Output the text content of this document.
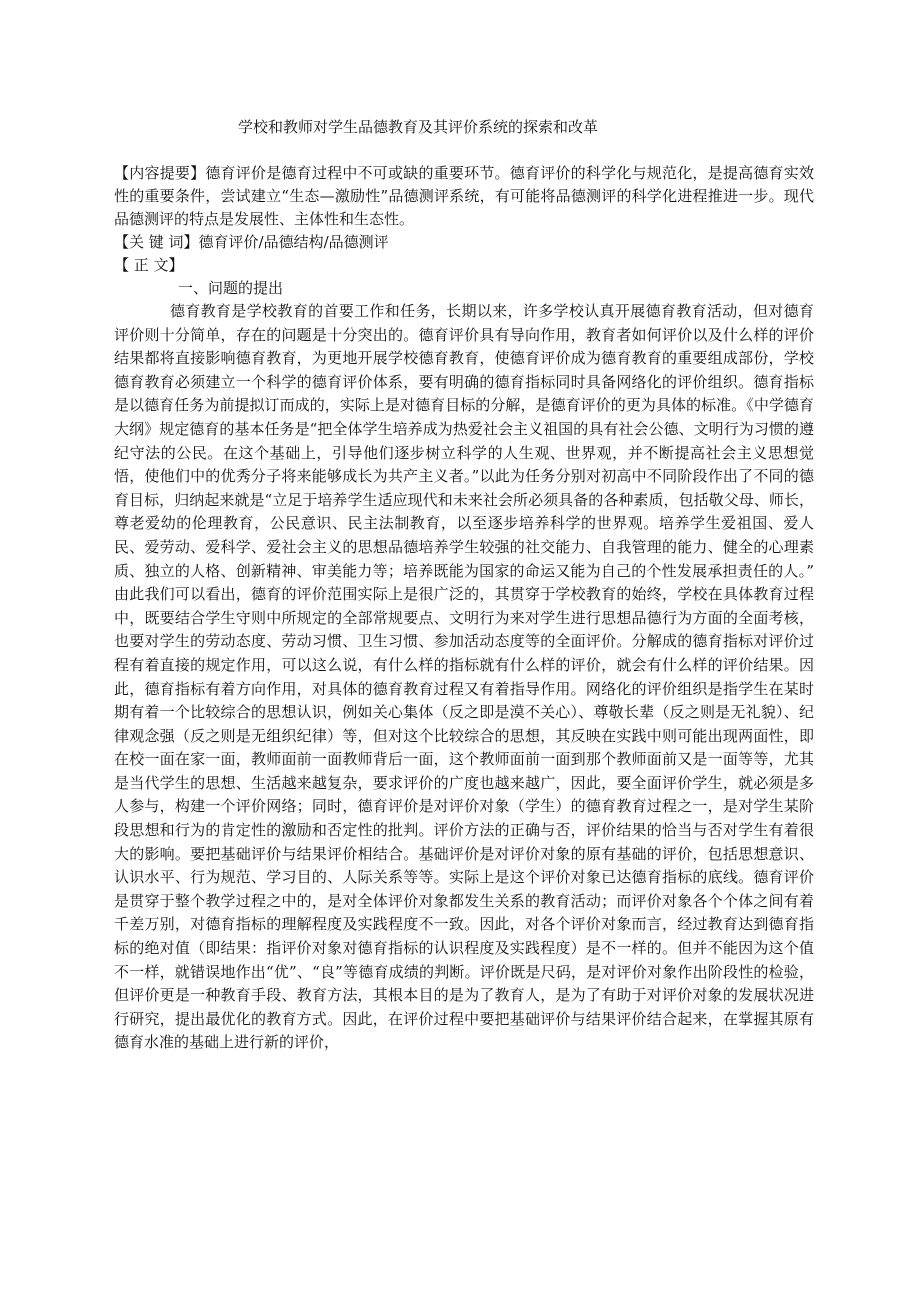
学校和教师对学生品德教育及其评价系统的探索和改革
【内容提要】德育评价是德育过程中不可或缺的重要环节。德育评价的科学化与规范化，是提高德育实效性的重要条件，尝试建立“生态—激励性”品德测评系统，有可能将品德测评的科学化进程推进一步。现代品德测评的特点是发展性、主体性和生态性。
【关 键 词】德育评价/品德结构/品德测评
【 正 文】
一、问题的提出

德育教育是学校教育的首要工作和任务，长期以来，许多学校认真开展德育教育活动，但对德育评价则十分简单，存在的问题是十分突出的。德育评价具有导向作用，教育者如何评价以及什么样的评价结果都将直接影响德育教育，为更地开展学校德育教育，使德育评价成为德育教育的重要组成部份，学校德育教育必须建立一个科学的德育评价体系，要有明确的德育指标同时具备网络化的评价组织。德育指标是以德育任务为前提拟订而成的，实际上是对德育目标的分解，是德育评价的更为具体的标准。《中学德育大纲》规定德育的基本任务是“把全体学生培养成为热爱社会主义祖国的具有社会公德、文明行为习惯的遵纪守法的公民。在这个基础上，引导他们逐步树立科学的人生观、世界观，并不断提高社会主义思想觉悟，使他们中的优秀分子将来能够成长为共产主义者。”以此为任务分别对初高中不同阶段作出了不同的德育目标，归纳起来就是“立足于培养学生适应现代和未来社会所必须具备的各种素质，包括敬父母、师长，尊老爱幼的伦理教育，公民意识、民主法制教育，以至逐步培养科学的世界观。培养学生爱祖国、爱人民、爱劳动、爱科学、爱社会主义的思想品德培养学生较强的社交能力、自我管理的能力、健全的心理素质、独立的人格、创新精神、审美能力等；培养既能为国家的命运又能为自己的个性发展承担责任的人。” 由此我们可以看出，德育的评价范围实际上是很广泛的，其贯穿于学校教育的始终，学校在具体教育过程中，既要结合学生守则中所规定的全部常规要点、文明行为来对学生进行思想品德行为方面的全面考核，也要对学生的劳动态度、劳动习惯、卫生习惯、参加活动态度等的全面评价。分解成的德育指标对评价过程有着直接的规定作用，可以这么说，有什么样的指标就有什么样的评价，就会有什么样的评价结果。因此，德育指标有着方向作用，对具体的德育教育过程又有着指导作用。网络化的评价组织是指学生在某时期有着一个比较综合的思想认识，例如关心集体（反之即是漠不关心）、尊敬长辈（反之则是无礼貌）、纪律观念强（反之则是无组织纪律）等，但对这个比较综合的思想，其反映在实践中则可能出现两面性，即在校一面在家一面，教师面前一面教师背后一面，这个教师面前一面到那个教师面前又是一面等等，尤其是当代学生的思想、生活越来越复杂，要求评价的广度也越来越广，因此，要全面评价学生，就必须是多人参与，构建一个评价网络；同时，德育评价是对评价对象（学生）的德育教育过程之一，是对学生某阶段思想和行为的肯定性的激励和否定性的批判。评价方法的正确与否，评价结果的恰当与否对学生有着很大的影响。要把基础评价与结果评价相结合。基础评价是对评价对象的原有基础的评价，包括思想意识、认识水平、行为规范、学习目的、人际关系等等。实际上是这个评价对象已达德育指标的底线。德育评价是贯穿于整个教学过程之中的，是对全体评价对象都发生关系的教育活动；而评价对象各个个体之间有着千差万别，对德育指标的理解程度及实践程度不一致。因此，对各个评价对象而言，经过教育达到德育指标的绝对值（即结果：指评价对象对德育指标的认识程度及实践程度）是不一样的。但并不能因为这个值不一样，就错误地作出“优”、“良”等德育成绩的判断。评价既是尺码，是对评价对象作出阶段性的检验，但评价更是一种教育手段、教育方法，其根本目的是为了教育人，是为了有助于对评价对象的发展状况进行研究，提出最优化的教育方式。因此，在评价过程中要把基础评价与结果评价结合起来，在掌握其原有德育水准的基础上进行新的评价，
